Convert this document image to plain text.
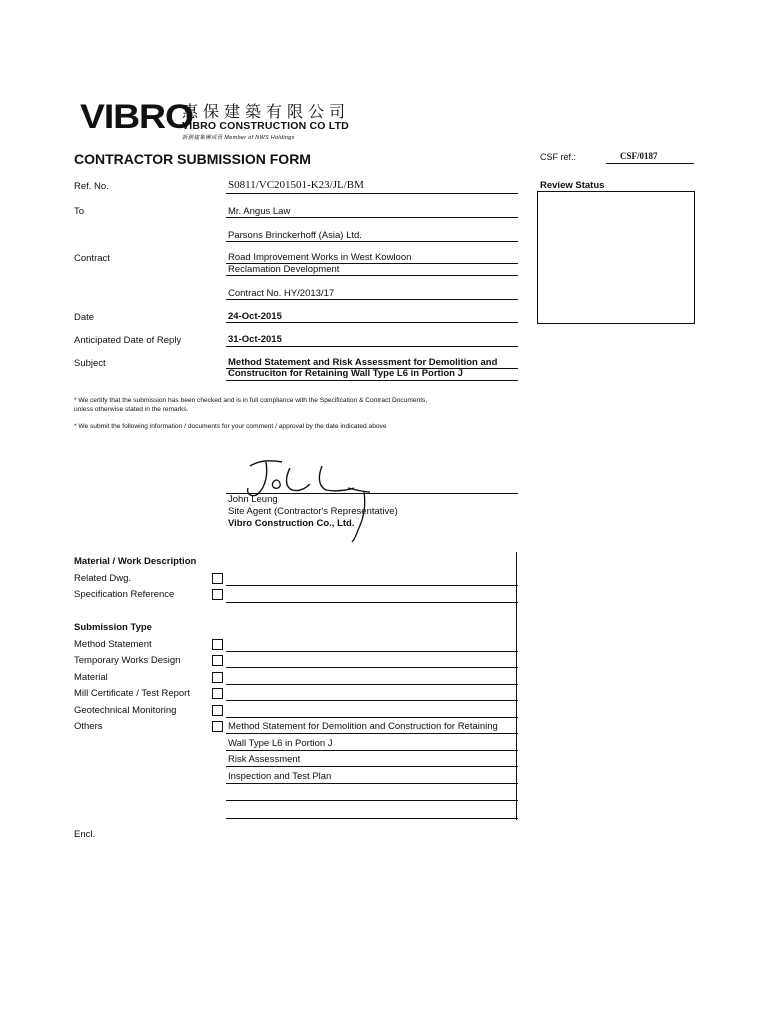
VIBRO
惠保建築有限公司
VIBRO CONSTRUCTION CO LTD
新創建集團成員 Member of NWS Holdings
CONTRACTOR SUBMISSION FORM	CSF ref.:	CSF/0187
Review Status
Ref. No.	S0811/VC201501-K23/JL/BM
To	Mr. Angus Law
Parsons Brinckerhoff (Asia) Ltd.
Contract	Road Improvement Works in West Kowloon
Reclamation Development
Contract No. HY/2013/17
Date	24-Oct-2015
Anticipated Date of Reply	31-Oct-2015
Subject	Method Statement and Risk Assessment for Demolition and
Construciton for Retaining Wall Type L6 in Portion J
* We certify that the submission has been checked and is in full compliance with the Specification & Contract Documents,
unless otherwise stated in the remarks.
* We submit the following information / documents for your comment / approval by the date indicated above
John Leung
Site Agent (Contractor's Representative)
Vibro Construction Co., Ltd.
Material / Work Description
Related Dwg.
Specification Reference
Submission Type
Method Statement
Temporary Works Design
Material
Mill Certificate / Test Report
Geotechnical Monitoring
Others	Method Statement for Demolition and Construction for Retaining
Wall Type L6 in Portion J
Risk Assessment
Inspection and Test Plan
Encl.
